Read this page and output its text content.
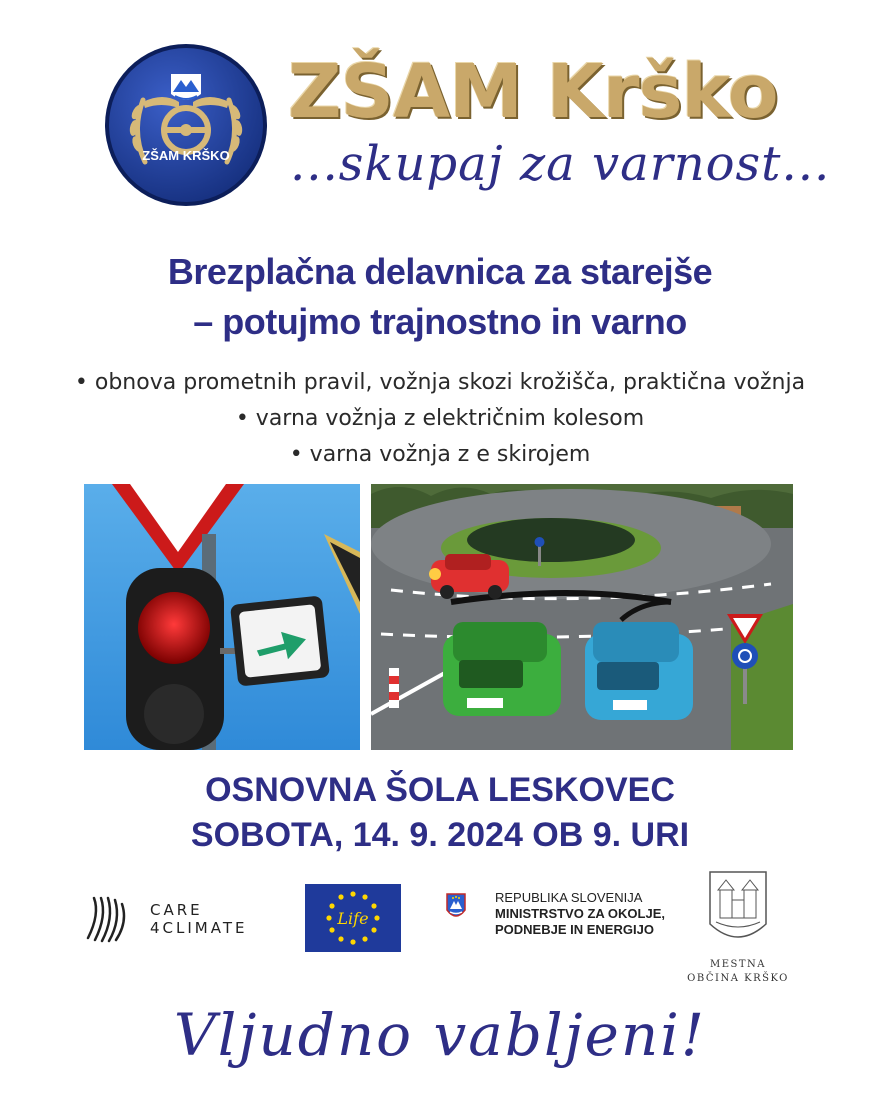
ZŠAM KRŠKO
ZŠAM Krško
...skupaj za varnost...
Brezplačna delavnica za starejše
– potujmo trajnostno in varno
• obnova prometnih pravil, vožnja skozi krožišča, praktična vožnja
• varna vožnja z električnim kolesom
• varna vožnja z e skirojem
OSNOVNA ŠOLA LESKOVEC
SOBOTA, 14. 9. 2024 OB 9. URI
CARE
4CLIMATE	Life
REPUBLIKA SLOVENIJA
MINISTRSTVO ZA OKOLJE,
PODNEBJE IN ENERGIJO
MESTNA
OBČINA KRŠKO
Vljudno vabljeni!
